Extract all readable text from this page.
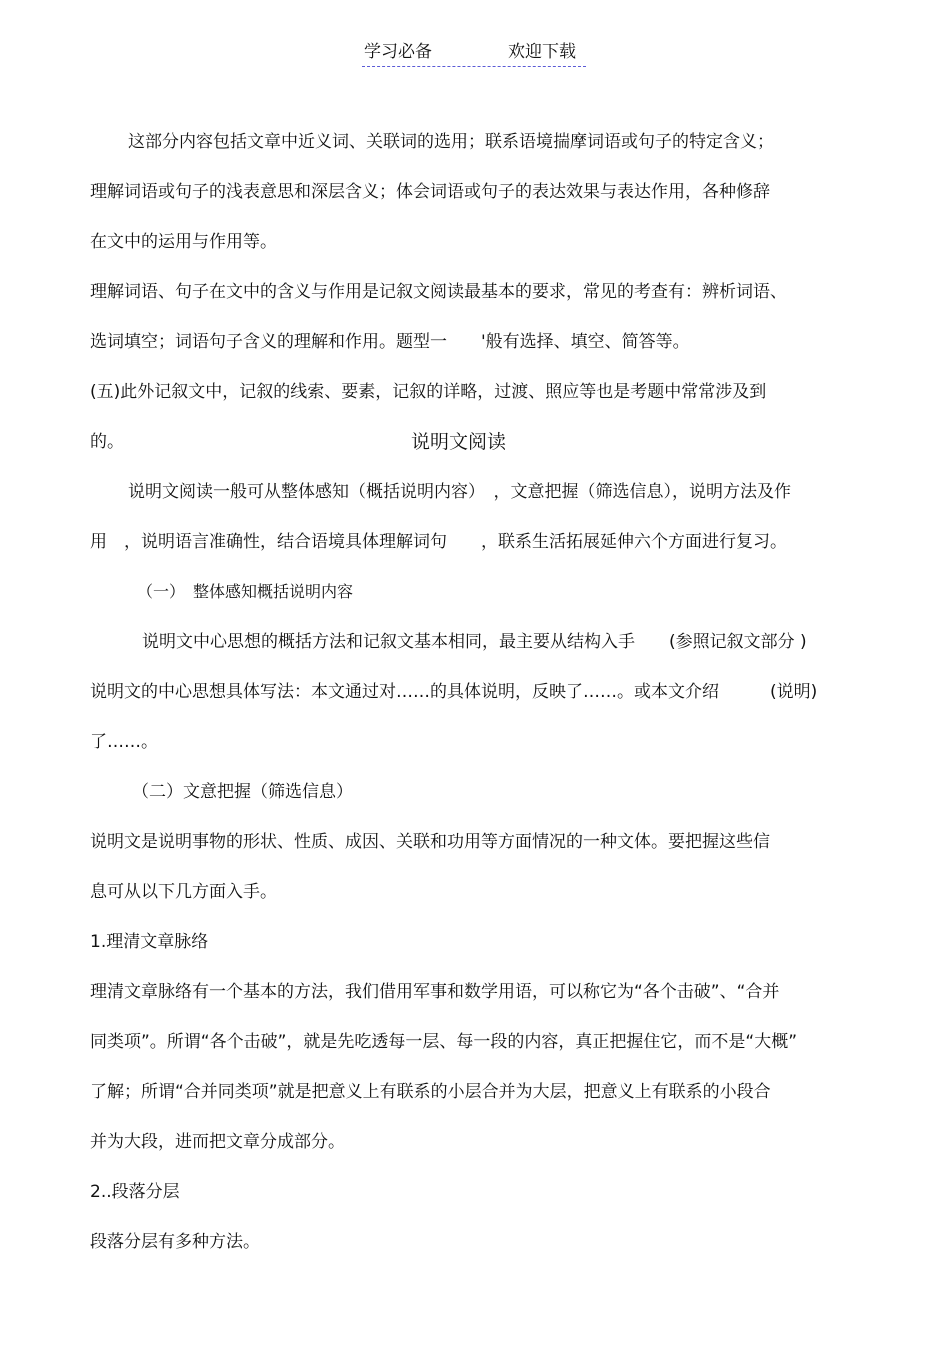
学习必备	欢迎下载
这部分内容包括文章中近义词、关联词的选用；联系语境揣摩词语或句子的特定含义；
理解词语或句子的浅表意思和深层含义；体会词语或句子的表达效果与表达作用，各种修辞
在文中的运用与作用等。
理解词语、句子在文中的含义与作用是记叙文阅读最基本的要求，常见的考查有：辨析词语、
选词填空；词语句子含义的理解和作用。题型一　　'般有选择、填空、简答等。
(五)此外记叙文中，记叙的线索、要素，记叙的详略，过渡、照应等也是考题中常常涉及到
的。	说明文阅读
说明文阅读一般可从整体感知（概括说明内容）　，文意把握（筛选信息），说明方法及作
用　，说明语言准确性，结合语境具体理解词句　　，联系生活拓展延伸六个方面进行复习。
（一）　整体感知概括说明内容
说明文中心思想的概括方法和记叙文基本相同，最主要从结构入手　　(参照记叙文部分 )
说明文的中心思想具体写法：本文通过对……的具体说明，反映了……。或本文介绍　　　(说明)
了……。
（二）文意把握（筛选信息）
说明文是说明事物的形状、性质、成因、关联和功用等方面情况的一种文体。要把握这些信
息可从以下几方面入手。
1.理清文章脉络
理清文章脉络有一个基本的方法，我们借用军事和数学用语，可以称它为“各个击破”、“合并
同类项”。所谓“各个击破”，就是先吃透每一层、每一段的内容，真正把握住它，而不是“大概”
了解；所谓“合并同类项”就是把意义上有联系的小层合并为大层，把意义上有联系的小段合
并为大段，进而把文章分成部分。
2..段落分层
段落分层有多种方法。
